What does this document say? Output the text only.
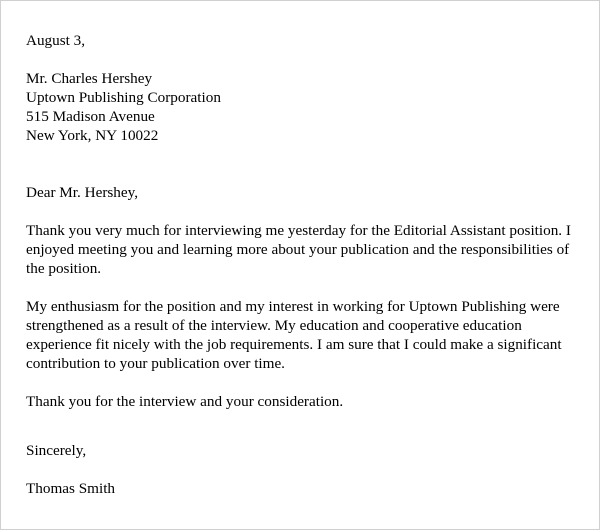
August 3,
Mr. Charles Hershey
Uptown Publishing Corporation
515 Madison Avenue
New York, NY 10022
Dear Mr. Hershey,
Thank you very much for interviewing me yesterday for the Editorial Assistant position. I
enjoyed meeting you and learning more about your publication and the responsibilities of
the position.
My enthusiasm for the position and my interest in working for Uptown Publishing were
strengthened as a result of the interview. My education and cooperative education
experience fit nicely with the job requirements. I am sure that I could make a significant
contribution to your publication over time.
Thank you for the interview and your consideration.
Sincerely,
Thomas Smith
